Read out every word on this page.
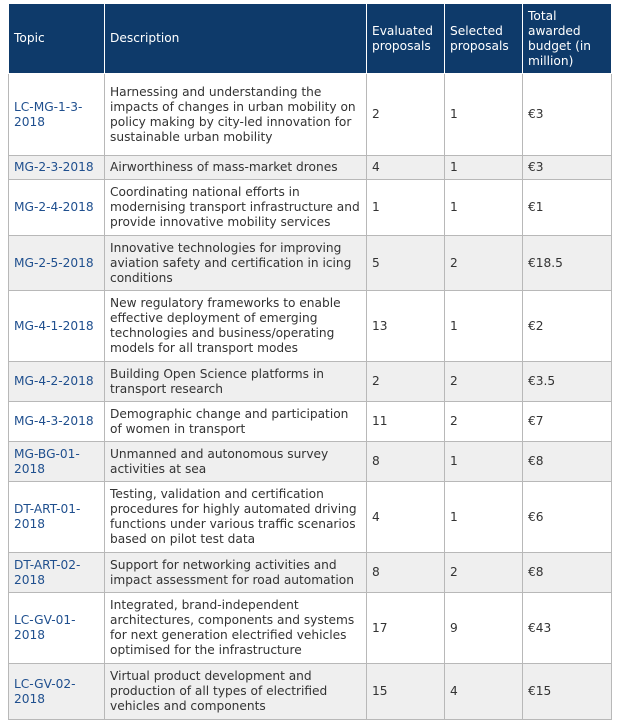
Topic	Description	Evaluated proposals	Selected proposals	Total awarded budget (in million)
LC-MG-1-3-2018	Harnessing and understanding the impacts of changes in urban mobility on policy making by city-led innovation for sustainable urban mobility	2	1	€3
MG-2-3-2018	Airworthiness of mass-market drones	4	1	€3
MG-2-4-2018	Coordinating national efforts in modernising transport infrastructure and provide innovative mobility services	1	1	€1
MG-2-5-2018	Innovative technologies for improving aviation safety and certification in icing conditions	5	2	€18.5
MG-4-1-2018	New regulatory frameworks to enable effective deployment of emerging technologies and business/operating models for all transport modes	13	1	€2
MG-4-2-2018	Building Open Science platforms in transport research	2	2	€3.5
MG-4-3-2018	Demographic change and participation of women in transport	11	2	€7
MG-BG-01-2018	Unmanned and autonomous survey activities at sea	8	1	€8
DT-ART-01-2018	Testing, validation and certification procedures for highly automated driving functions under various traffic scenarios based on pilot test data	4	1	€6
DT-ART-02-2018	Support for networking activities and impact assessment for road automation	8	2	€8
LC-GV-01-2018	Integrated, brand-independent architectures, components and systems for next generation electrified vehicles optimised for the infrastructure	17	9	€43
LC-GV-02-2018	Virtual product development and production of all types of electrified vehicles and components	15	4	€15
